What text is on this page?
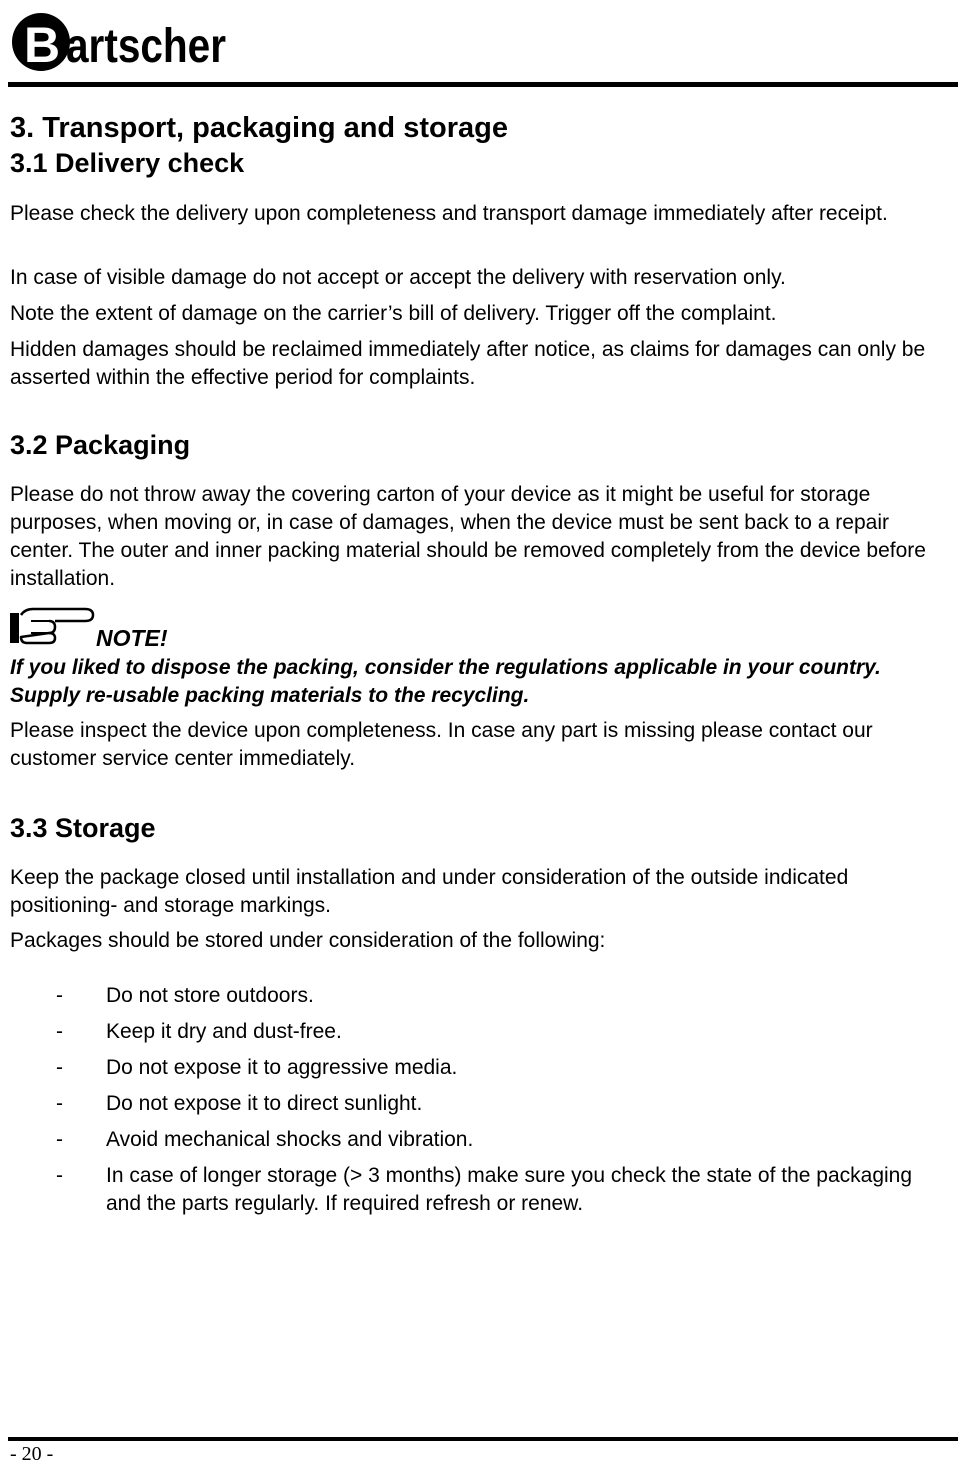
B artscher
3. Transport, packaging and storage
3.1 Delivery check

Please check the delivery upon completeness and transport damage immediately after receipt.

In case of visible damage do not accept or accept the delivery with reservation only.

Note the extent of damage on the carrier’s bill of delivery. Trigger off the complaint.

Hidden damages should be reclaimed immediately after notice, as claims for damages can only be asserted within the effective period for complaints.

3.2 Packaging

Please do not throw away the covering carton of your device as it might be useful for storage purposes, when moving or, in case of damages, when the device must be sent back to a repair center. The outer and inner packing material should be removed completely from the device before installation.

NOTE!

If you liked to dispose the packing, consider the regulations applicable in your country. Supply re-usable packing materials to the recycling.

Please inspect the device upon completeness. In case any part is missing please contact our customer service center immediately.

3.3 Storage

Keep the package closed until installation and under consideration of the outside indicated positioning- and storage markings.

Packages should be stored under consideration of the following:

- Do not store outdoors.
- Keep it dry and dust-free.
- Do not expose it to aggressive media.
- Do not expose it to direct sunlight.
- Avoid mechanical shocks and vibration.
- In case of longer storage (> 3 months) make sure you check the state of the packaging and the parts regularly. If required refresh or renew.
- 20 -
